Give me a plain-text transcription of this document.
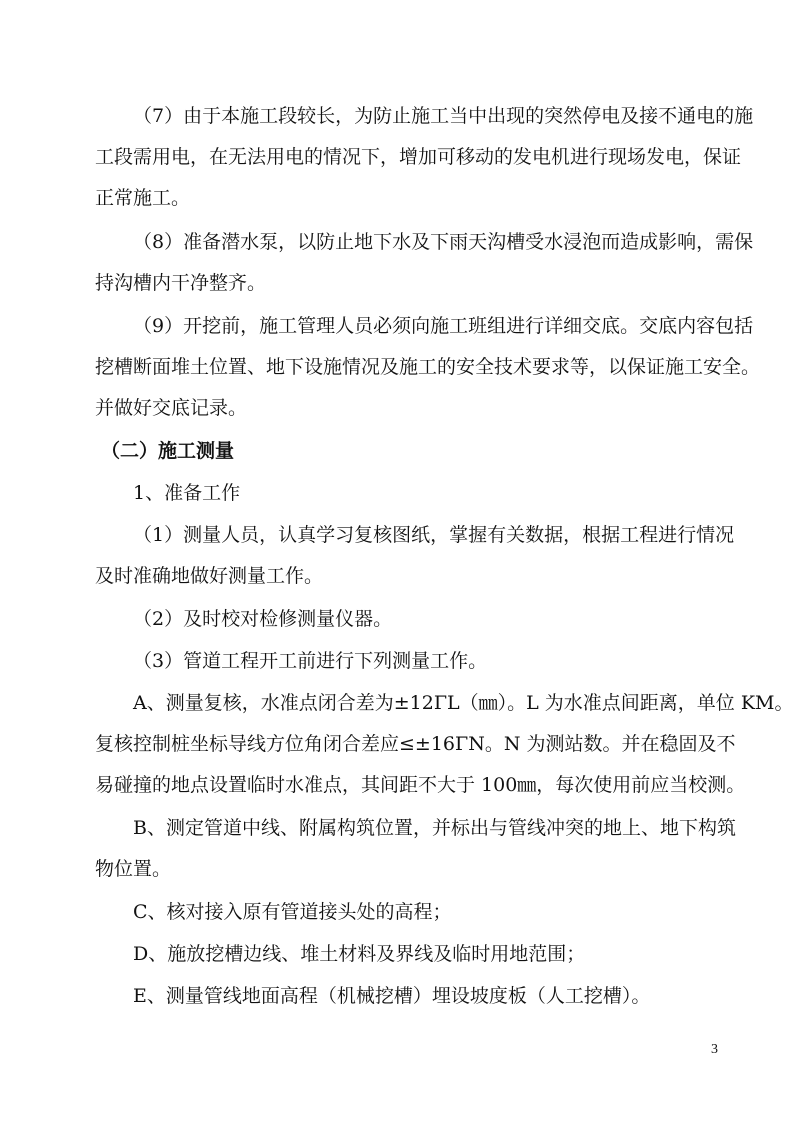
（7）由于本施工段较长，为防止施工当中出现的突然停电及接不通电的施
工段需用电，在无法用电的情况下，增加可移动的发电机进行现场发电，保证
正常施工。
（8）准备潜水泵，以防止地下水及下雨天沟槽受水浸泡而造成影响，需保
持沟槽内干净整齐。
（9）开挖前，施工管理人员必须向施工班组进行详细交底。交底内容包括
挖槽断面堆土位置、地下设施情况及施工的安全技术要求等，以保证施工安全。
并做好交底记录。
（二）施工测量
1、准备工作
（1）测量人员，认真学习复核图纸，掌握有关数据，根据工程进行情况
及时准确地做好测量工作。
（2）及时校对检修测量仪器。
（3）管道工程开工前进行下列测量工作。
A、测量复核，水准点闭合差为±12ΓL（㎜）。L 为水准点间距离，单位 KM。
复核控制桩坐标导线方位角闭合差应≤±16ΓN。N 为测站数。并在稳固及不
易碰撞的地点设置临时水准点，其间距不大于 100㎜，每次使用前应当校测。
B、测定管道中线、附属构筑位置，并标出与管线冲突的地上、地下构筑
物位置。
C、核对接入原有管道接头处的高程；
D、施放挖槽边线、堆土材料及界线及临时用地范围；
E、测量管线地面高程（机械挖槽）埋设坡度板（人工挖槽）。
3
